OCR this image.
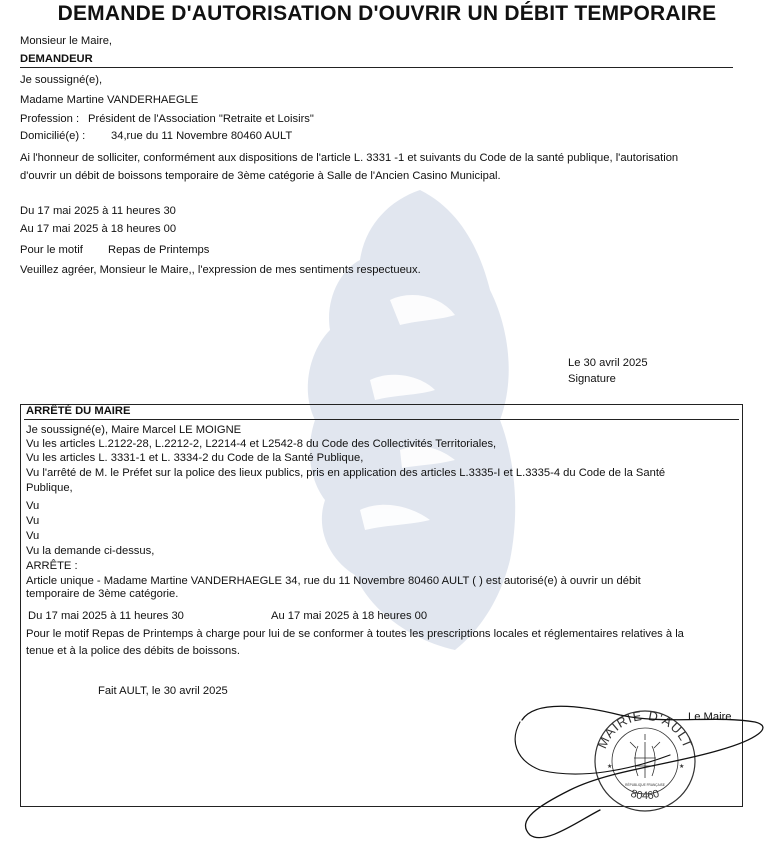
DEMANDE D'AUTORISATION D'OUVRIR UN DÉBIT TEMPORAIRE
Monsieur le Maire,
DEMANDEUR
Je soussigné(e),
Madame Martine VANDERHAEGLE
Profession : Président de l'Association "Retraite et Loisirs"
Domicilié(e) : 34,rue du 11 Novembre 80460 AULT
Ai l'honneur de solliciter, conformément aux dispositions de l'article L. 3331 -1 et suivants du Code de la santé publique, l'autorisation
d'ouvrir un débit de boissons temporaire de 3ème catégorie à Salle de l'Ancien Casino Municipal.
Du 17 mai 2025 à 11 heures 30
Au 17 mai 2025 à 18 heures 00
Pour le motif Repas de Printemps
Veuillez agréer, Monsieur le Maire,, l'expression de mes sentiments respectueux.
Le 30 avril 2025
Signature
ARRÊTÉ DU MAIRE
Je soussigné(e), Maire Marcel LE MOIGNE
Vu les articles L.2122-28, L.2212-2, L2214-4 et L2542-8 du Code des Collectivités Territoriales,
Vu les articles L. 3331-1 et L. 3334-2 du Code de la Santé Publique,
Vu l'arrêté de M. le Préfet sur la police des lieux publics, pris en application des articles L.3335-I et L.3335-4 du Code de la Santé
Publique,
Vu
Vu
Vu
Vu la demande ci-dessus,
ARRÊTE :
Article unique - Madame Martine VANDERHAEGLE 34, rue du 11 Novembre 80460 AULT ( ) est autorisé(e) à ouvrir un débit
temporaire de 3ème catégorie.
Du 17 mai 2025 à 11 heures 30	Au 17 mai 2025 à 18 heures 00
Pour le motif Repas de Printemps à charge pour lui de se conformer à toutes les prescriptions locales et réglementaires relatives à la
tenue et à la police des débits de boissons.
Fait AULT, le 30 avril 2025
Le Maire
MAIRIE D'AULT
80460
RÉPUBLIQUE FRANÇAISE
★	★
